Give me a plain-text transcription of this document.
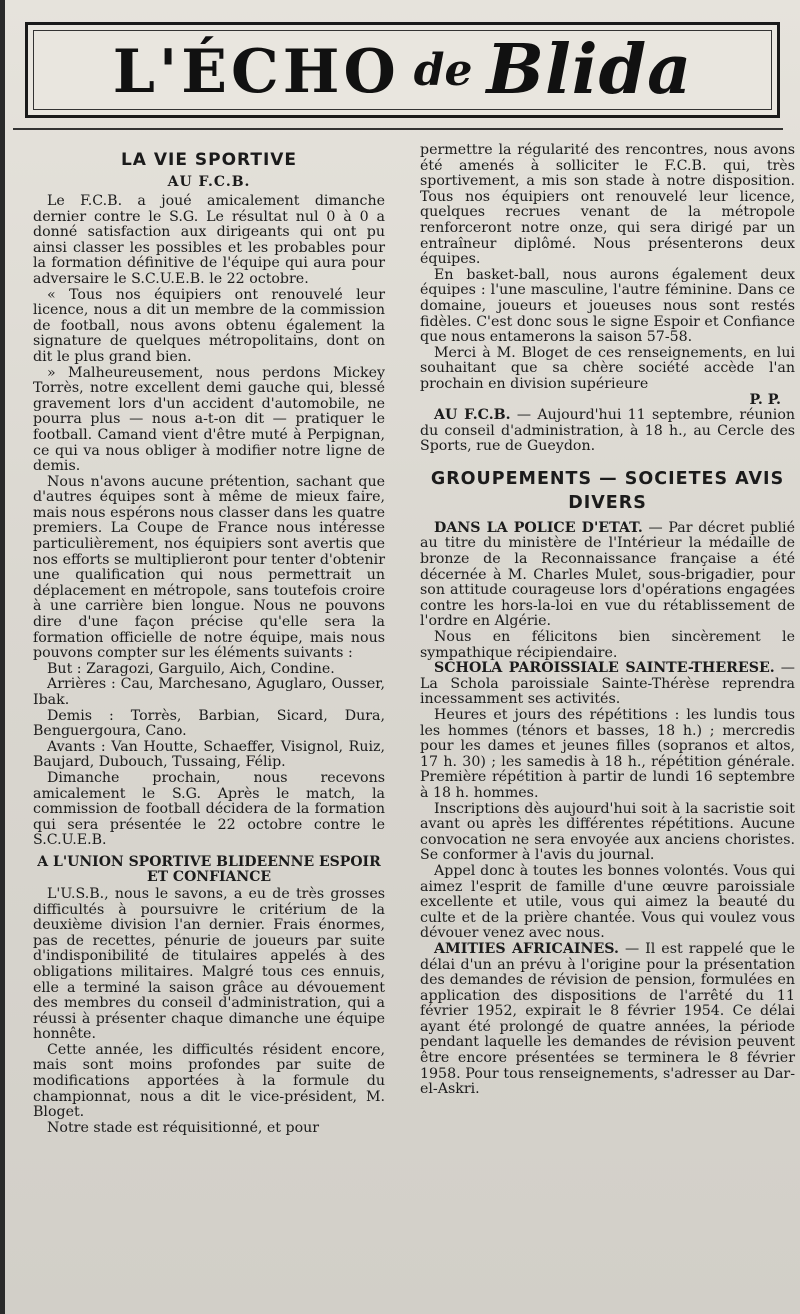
L'ÉCHO de Blida
LA VIE SPORTIVE
AU F.C.B.

Le F.C.B. a joué amicalement dimanche dernier contre le S.G. Le résultat nul 0 à 0 a donné satisfaction aux dirigeants qui ont pu ainsi classer les possibles et les probables pour la formation définitive de l'équipe qui aura pour adversaire le S.C.U.E.B. le 22 octobre.

« Tous nos équipiers ont renouvelé leur licence, nous a dit un membre de la commission de football, nous avons obtenu également la signature de quelques métropolitains, dont on dit le plus grand bien.

» Malheureusement, nous perdons Mickey Torrès, notre excellent demi gauche qui, blessé gravement lors d'un accident d'automobile, ne pourra plus — nous a-t-on dit — pratiquer le football. Camand vient d'être muté à Perpignan, ce qui va nous obliger à modifier notre ligne de demis.

Nous n'avons aucune prétention, sachant que d'autres équipes sont à même de mieux faire, mais nous espérons nous classer dans les quatre premiers. La Coupe de France nous intéresse particulièrement, nos équipiers sont avertis que nos efforts se multiplieront pour tenter d'obtenir une qualification qui nous permettrait un déplacement en métropole, sans toutefois croire à une carrière bien longue. Nous ne pouvons dire d'une façon précise qu'elle sera la formation officielle de notre équipe, mais nous pouvons compter sur les éléments suivants :

But : Zaragozi, Garguilo, Aich, Condine.

Arrières : Cau, Marchesano, Aguglaro, Ousser, Ibak.

Demis : Torrès, Barbian, Sicard, Dura, Benguergoura, Cano.

Avants : Van Houtte, Schaeffer, Visignol, Ruiz, Baujard, Dubouch, Tussaing, Félip.

Dimanche prochain, nous recevons amicalement le S.G. Après le match, la commission de football décidera de la formation qui sera présentée le 22 octobre contre le S.C.U.E.B.

A L'UNION SPORTIVE BLIDEENNE ESPOIR ET CONFIANCE

L'U.S.B., nous le savons, a eu de très grosses difficultés à poursuivre le critérium de la deuxième division l'an dernier. Frais énormes, pas de recettes, pénurie de joueurs par suite d'indisponibilité de titulaires appelés à des obligations militaires. Malgré tous ces ennuis, elle a terminé la saison grâce au dévouement des membres du conseil d'administration, qui a réussi à présenter chaque dimanche une équipe honnête.

Cette année, les difficultés résident encore, mais sont moins profondes par suite de modifications apportées à la formule du championnat, nous a dit le vice-président, M. Bloget.

Notre stade est réquisitionné, et pour

permettre la régularité des rencontres, nous avons été amenés à solliciter le F.C.B. qui, très sportivement, a mis son stade à notre disposition. Tous nos équipiers ont renouvelé leur licence, quelques recrues venant de la métropole renforceront notre onze, qui sera dirigé par un entraîneur diplômé. Nous présenterons deux équipes.

En basket-ball, nous aurons également deux équipes : l'une masculine, l'autre féminine. Dans ce domaine, joueurs et joueuses nous sont restés fidèles. C'est donc sous le signe Espoir et Confiance que nous entamerons la saison 57-58.

Merci à M. Bloget de ces renseignements, en lui souhaitant que sa chère société accède l'an prochain en division supérieure

P. P.

AU F.C.B. — Aujourd'hui 11 septembre, réunion du conseil d'administration, à 18 h., au Cercle des Sports, rue de Gueydon.

GROUPEMENTS — SOCIETES AVIS DIVERS

DANS LA POLICE D'ETAT. — Par décret publié au titre du ministère de l'Intérieur la médaille de bronze de la Reconnaissance française a été décernée à M. Charles Mulet, sous-brigadier, pour son attitude courageuse lors d'opérations engagées contre les hors-la-loi en vue du rétablissement de l'ordre en Algérie.

Nous en félicitons bien sincèrement le sympathique récipiendaire.

SCHOLA PAROISSIALE SAINTE-THERESE. — La Schola paroissiale Sainte-Thérèse reprendra incessamment ses activités.

Heures et jours des répétitions : les lundis tous les hommes (ténors et basses, 18 h.) ; mercredis pour les dames et jeunes filles (sopranos et altos, 17 h. 30) ; les samedis à 18 h., répétition générale. Première répétition à partir de lundi 16 septembre à 18 h. hommes.

Inscriptions dès aujourd'hui soit à la sacristie soit avant ou après les différentes répétitions. Aucune convocation ne sera envoyée aux anciens choristes. Se conformer à l'avis du journal.

Appel donc à toutes les bonnes volontés. Vous qui aimez l'esprit de famille d'une œuvre paroissiale excellente et utile, vous qui aimez la beauté du culte et de la prière chantée. Vous qui voulez vous dévouer venez avec nous.

AMITIES AFRICAINES. — Il est rappelé que le délai d'un an prévu à l'origine pour la présentation des demandes de révision de pension, formulées en application des dispositions de l'arrêté du 11 février 1952, expirait le 8 février 1954. Ce délai ayant été prolongé de quatre années, la période pendant laquelle les demandes de révision peuvent être encore présentées se terminera le 8 février 1958. Pour tous renseignements, s'adresser au Dar-el-Askri.
